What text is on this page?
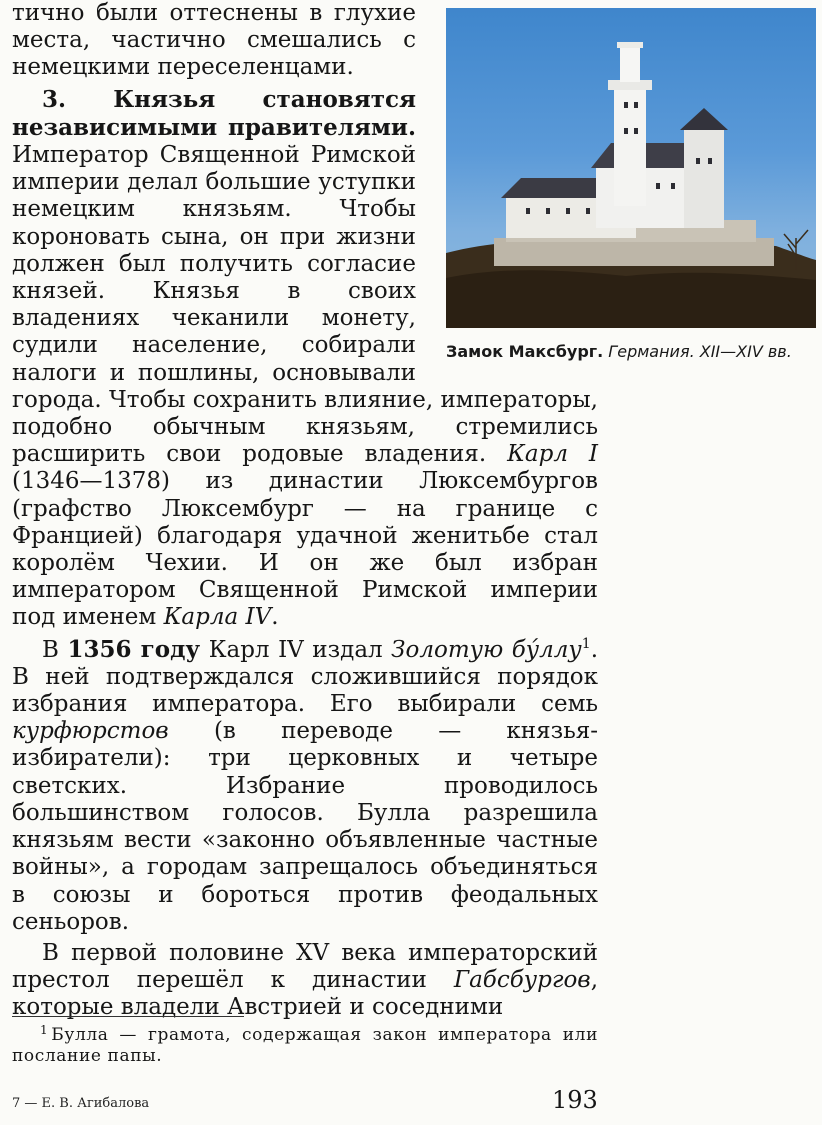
тично были оттеснены в глухие места, частично смешались с немецкими переселенцами.

3. Князья становятся независимыми правителями. Император Священной Римской империи делал большие уступки немецким князьям. Чтобы короновать сына, он при жизни должен был получить согласие князей. Князья в своих владениях чеканили монету, судили население, собирали налоги и пошлины, основывали города. Чтобы сохранить влияние, императоры, подобно обычным князьям, стремились расширить свои родовые владения. Карл I (1346—1378) из династии Люксембургов (графство Люксембург — на границе с Францией) благодаря удачной женитьбе стал королём Чехии. И он же был избран императором Священной Римской империи под именем Карла IV.

В 1356 году Карл IV издал Золотую бу́ллу$^1$. В ней подтверждался сложившийся порядок избрания императора. Его выбирали семь курфюрстов (в переводе — князья-избиратели): три церковных и четыре светских. Избрание проводилось большинством голосов. Булла разрешила князьям вести «законно объявленные частные войны», а городам запрещалось объединяться в союзы и бороться против феодальных сеньоров.

В первой половине XV века императорский престол перешёл к династии Габсбургов, которые владели Австрией и соседними

Замок Максбург. Германия. XII—XIV вв.
$^1$ Булла — грамота, содержащая закон императора или послание папы.
7 — Е. В. Агибалова	193
